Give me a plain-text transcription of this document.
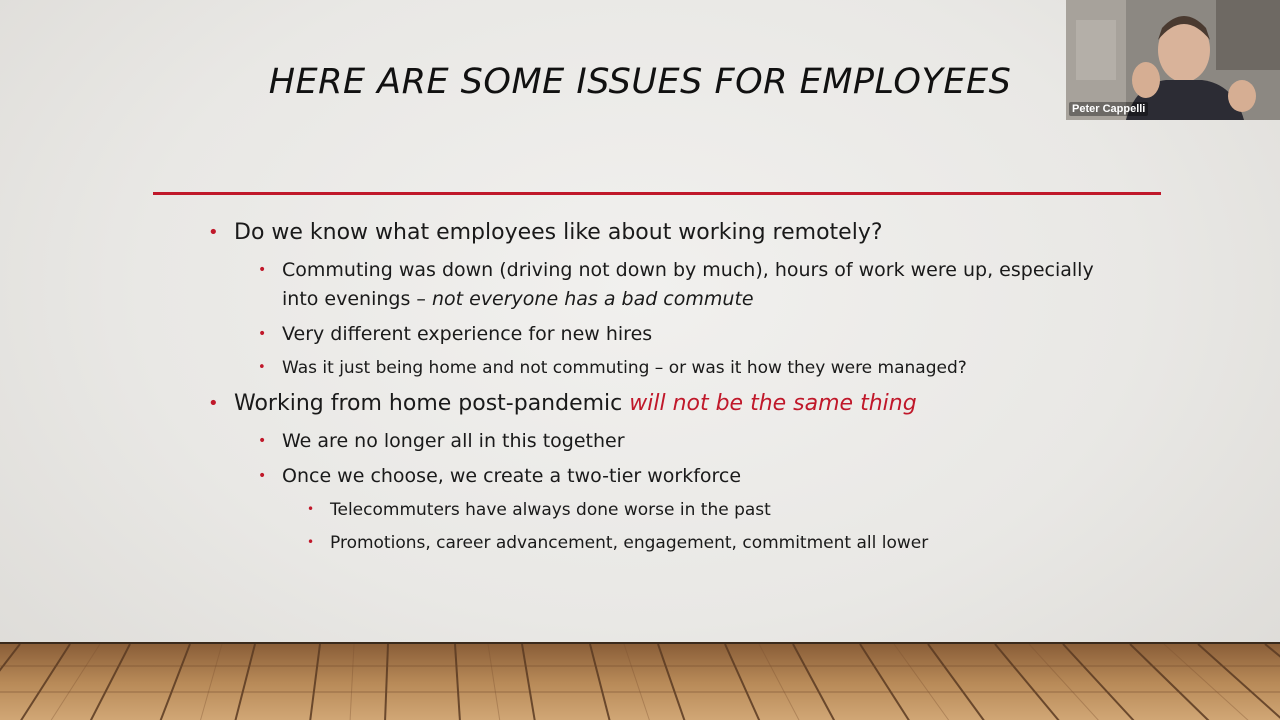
HERE ARE SOME ISSUES FOR EMPLOYEES
• Do we know what employees like about working remotely?
• Commuting was down (driving not down by much), hours of work were up, especially
into evenings – not everyone has a bad commute
• Very different experience for new hires
• Was it just being home and not commuting – or was it how they were managed?
• Working from home post-pandemic will not be the same thing
• We are no longer all in this together
• Once we choose, we create a two-tier workforce
• Telecommuters have always done worse in the past
• Promotions, career advancement, engagement, commitment all lower
Peter Cappelli
